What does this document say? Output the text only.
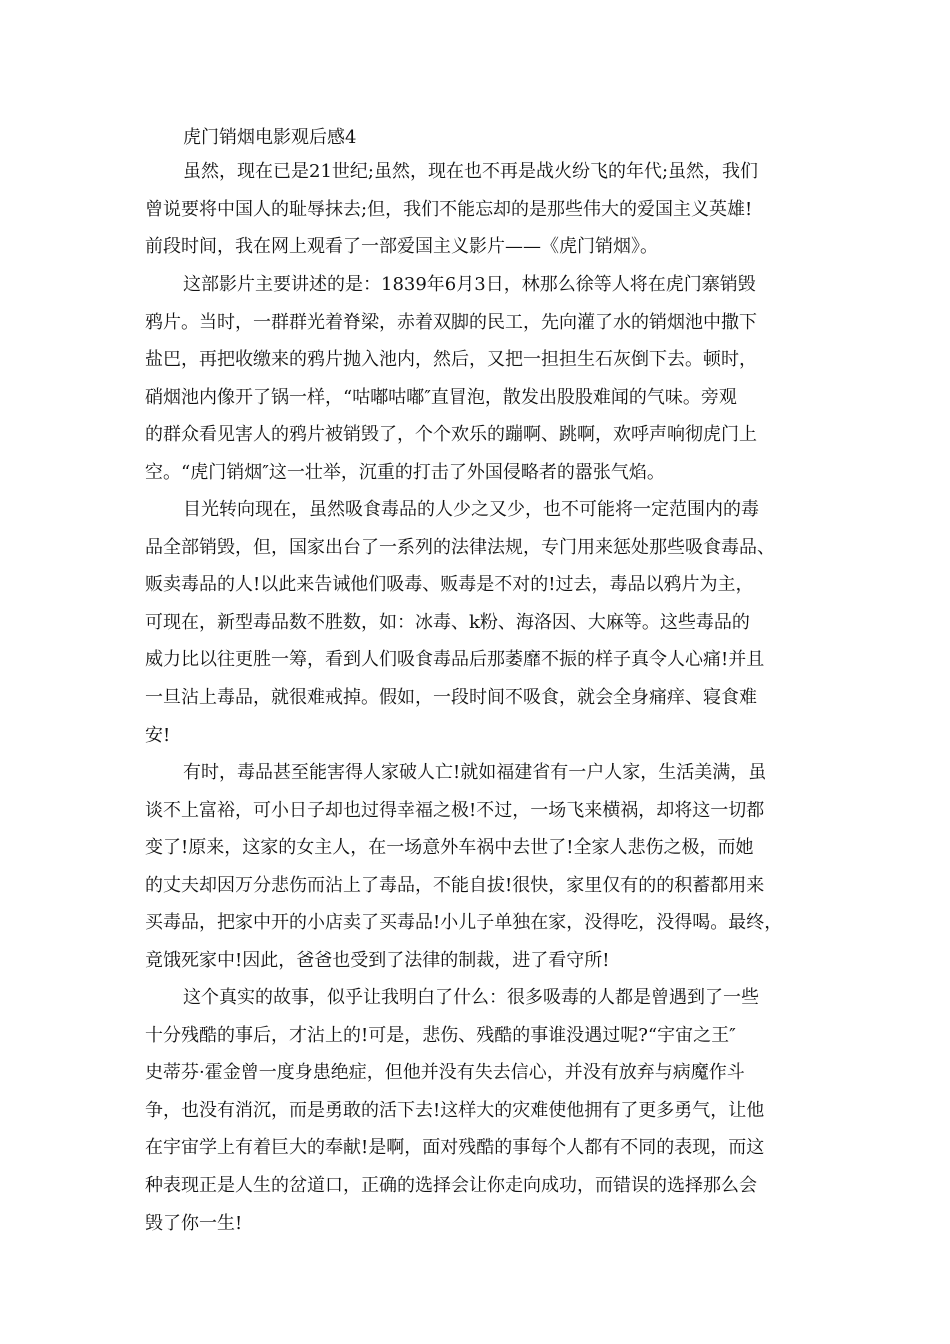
虎门销烟电影观后感4
虽然，现在已是21世纪;虽然，现在也不再是战火纷飞的年代;虽然，我们
曾说要将中国人的耻辱抹去;但，我们不能忘却的是那些伟大的爱国主义英雄!
前段时间，我在网上观看了一部爱国主义影片——《虎门销烟》。
这部影片主要讲述的是：1839年6月3日，林那么徐等人将在虎门寨销毁
鸦片。当时，一群群光着脊梁，赤着双脚的民工，先向灌了水的销烟池中撒下
盐巴，再把收缴来的鸦片抛入池内，然后，又把一担担生石灰倒下去。顿时，
硝烟池内像开了锅一样，“咕嘟咕嘟″直冒泡，散发出股股难闻的气味。旁观
的群众看见害人的鸦片被销毁了，个个欢乐的蹦啊、跳啊，欢呼声响彻虎门上
空。“虎门销烟″这一壮举，沉重的打击了外国侵略者的嚣张气焰。
目光转向现在，虽然吸食毒品的人少之又少，也不可能将一定范围内的毒
品全部销毁，但，国家出台了一系列的法律法规，专门用来惩处那些吸食毒品、
贩卖毒品的人!以此来告诫他们吸毒、贩毒是不对的!过去，毒品以鸦片为主，
可现在，新型毒品数不胜数，如：冰毒、k粉、海洛因、大麻等。这些毒品的
威力比以往更胜一筹，看到人们吸食毒品后那萎靡不振的样子真令人心痛!并且
一旦沾上毒品，就很难戒掉。假如，一段时间不吸食，就会全身痛痒、寝食难
安!
有时，毒品甚至能害得人家破人亡!就如福建省有一户人家，生活美满，虽
谈不上富裕，可小日子却也过得幸福之极!不过，一场飞来横祸，却将这一切都
变了!原来，这家的女主人，在一场意外车祸中去世了!全家人悲伤之极，而她
的丈夫却因万分悲伤而沾上了毒品，不能自拔!很快，家里仅有的的积蓄都用来
买毒品，把家中开的小店卖了买毒品!小儿子单独在家，没得吃，没得喝。最终，
竟饿死家中!因此，爸爸也受到了法律的制裁，进了看守所!
这个真实的故事，似乎让我明白了什么：很多吸毒的人都是曾遇到了一些
十分残酷的事后，才沾上的!可是，悲伤、残酷的事谁没遇过呢?“宇宙之王″
史蒂芬·霍金曾一度身患绝症，但他并没有失去信心，并没有放弃与病魔作斗
争，也没有消沉，而是勇敢的活下去!这样大的灾难使他拥有了更多勇气，让他
在宇宙学上有着巨大的奉献!是啊，面对残酷的事每个人都有不同的表现，而这
种表现正是人生的岔道口，正确的选择会让你走向成功，而错误的选择那么会
毁了你一生!
